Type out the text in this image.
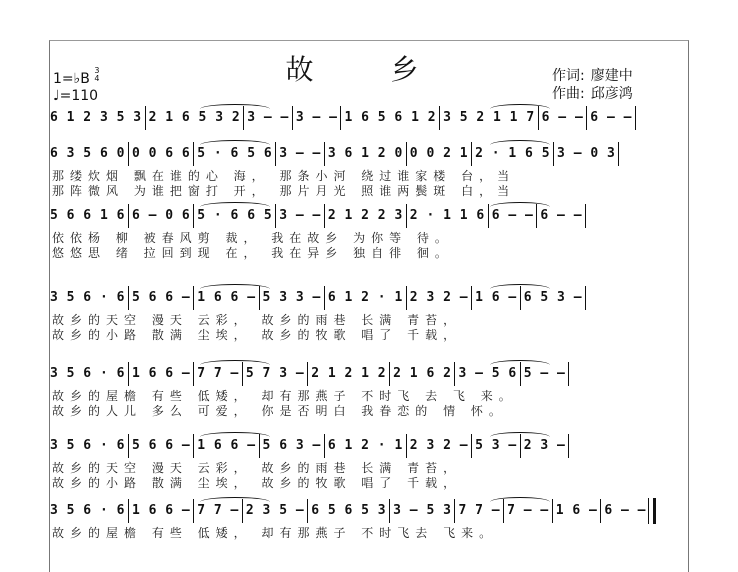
故 乡
1=♭B
3
4
♩=110
作词: 廖建中
作曲: 邱彦鸿
6 1 2 3 5 3 2 1 6 5 3 2 3 – – 3 – – 1 6 5 6 1 2 3 5 2 1 1 7 6 – – 6 – –
6 3 5 6 0 0 0 6 6 5 · 6 5 6 3 – – 3 6 1 2 0 0 0 2 1 2 · 1 6 5 3 – 0 3
那缕炊烟 飘在谁的心 海， 那条小河 绕过谁家楼 台，当
那阵微风 为谁把窗打 开， 那片月光 照谁两鬓斑 白，当
5 6 6 1 6 6 – 0 6 5 · 6 6 5 3 – – 2 1 2 2 3 2 · 1 1 6 6 – – 6 – –
依依杨 柳 被春风剪 裁， 我在故乡 为你等 待。
悠悠思 绪 拉回到现 在， 我在异乡 独自徘 徊。
3 5 6 · 6 5 6 6 – 1 6 6 – 5 3 3 – 6 1 2 · 1 2 3 2 – 1 6 – 6 5 3 –
故乡的天空 漫天 云彩， 故乡的雨巷 长满 青苔，
故乡的小路 散满 尘埃， 故乡的牧歌 唱了 千载，
3 5 6 · 6 1 6 6 – 7 7 – 5 7 3 – 2 1 2 1 2 2 1 6 2 3 – 5 6 5 – –
故乡的屋檐 有些 低矮， 却有那燕子 不时飞 去 飞 来。
故乡的人儿 多么 可爱， 你是否明白 我眷恋的 情 怀。
3 5 6 · 6 5 6 6 – 1 6 6 – 5 6 3 – 6 1 2 · 1 2 3 2 – 5 3 – 2 3 –
故乡的天空 漫天 云彩， 故乡的雨巷 长满 青苔，
故乡的小路 散满 尘埃， 故乡的牧歌 唱了 千载，
3 5 6 · 6 1 6 6 – 7 7 – 2 3 5 – 6 5 6 5 3 3 – 5 3 7 7 – 7 – – 1 6 – 6 – –
故乡的屋檐 有些 低矮， 却有那燕子 不时飞去 飞来。
